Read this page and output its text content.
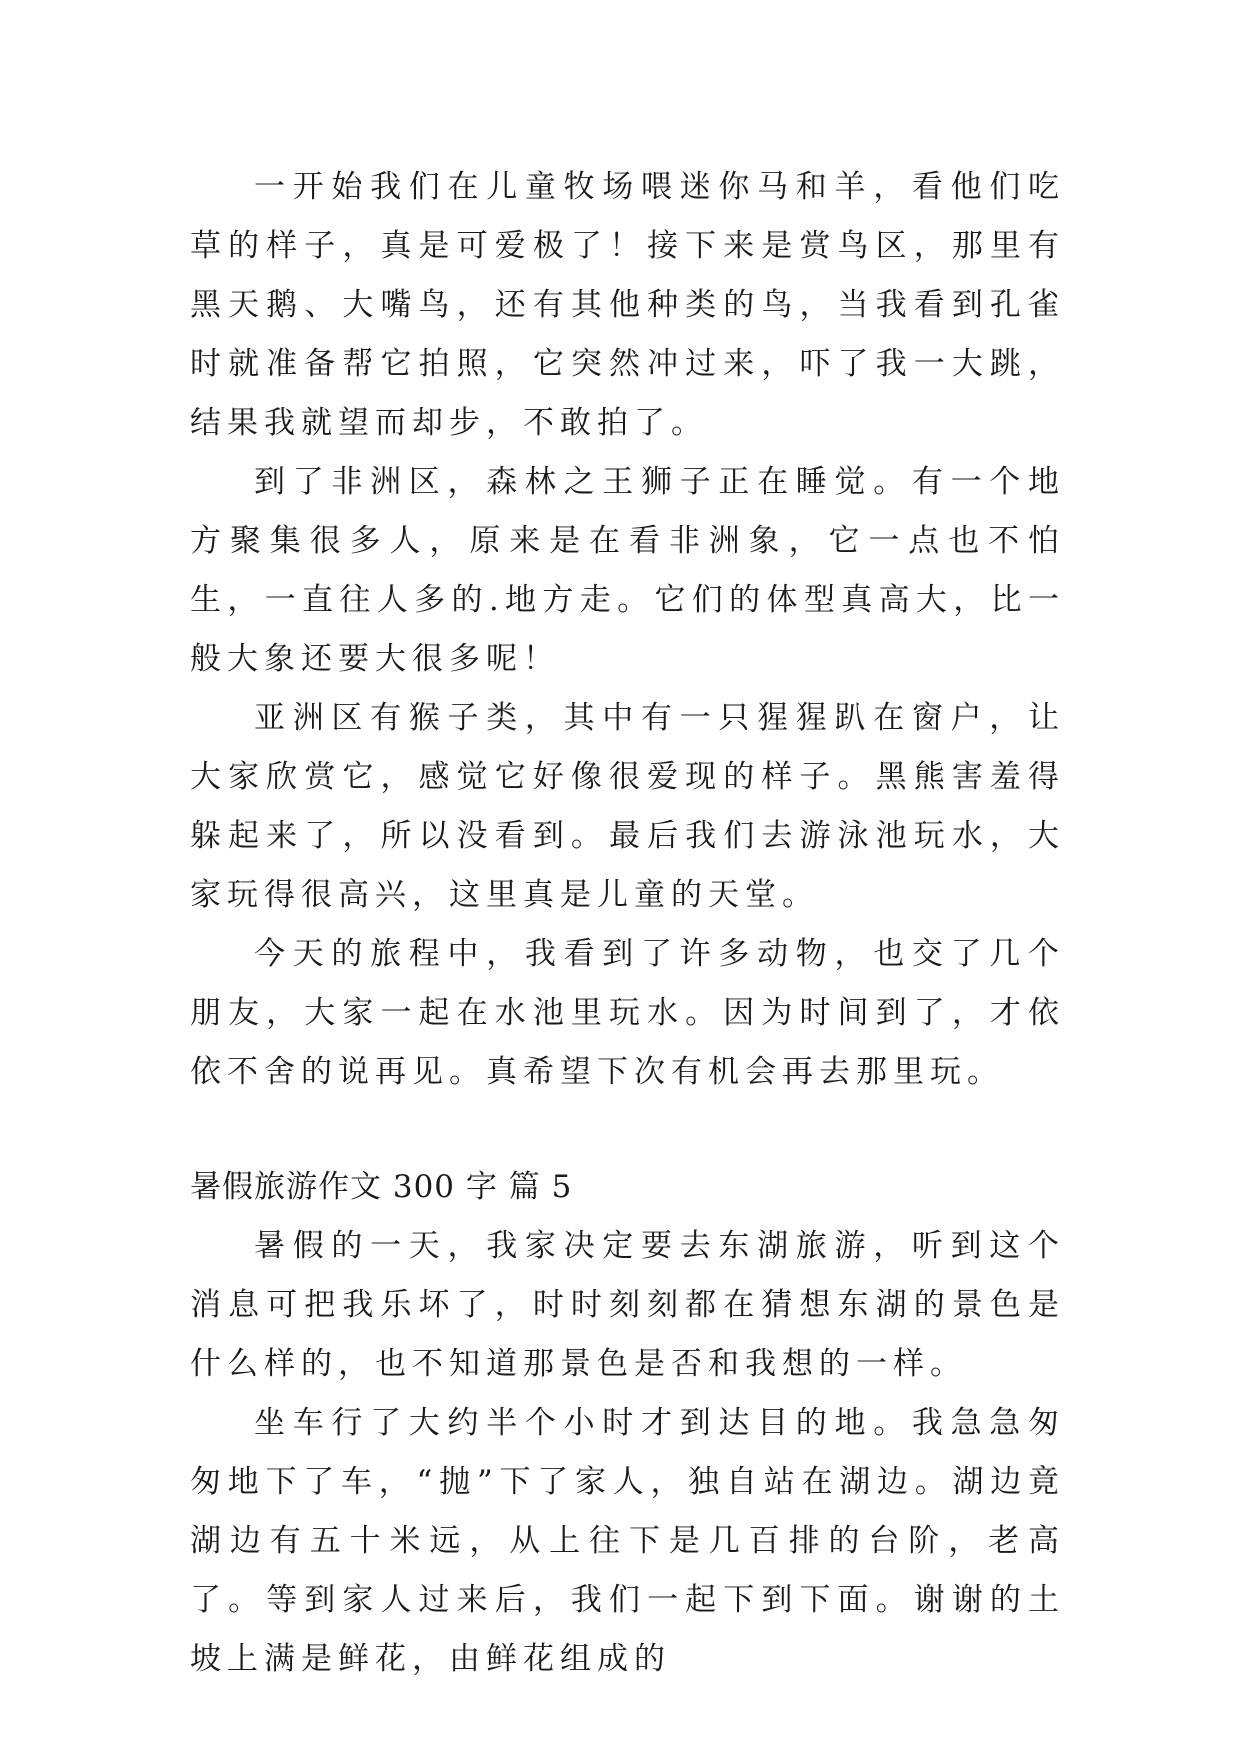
一开始我们在儿童牧场喂迷你马和羊，看他们吃草的样子，真是可爱极了！接下来是赏鸟区，那里有黑天鹅、大嘴鸟，还有其他种类的鸟，当我看到孔雀时就准备帮它拍照，它突然冲过来，吓了我一大跳，结果我就望而却步，不敢拍了。

到了非洲区，森林之王狮子正在睡觉。有一个地方聚集很多人，原来是在看非洲象，它一点也不怕生，一直往人多的.地方走。它们的体型真高大，比一般大象还要大很多呢！

亚洲区有猴子类，其中有一只猩猩趴在窗户，让大家欣赏它，感觉它好像很爱现的样子。黑熊害羞得躲起来了，所以没看到。最后我们去游泳池玩水，大家玩得很高兴，这里真是儿童的天堂。

今天的旅程中，我看到了许多动物，也交了几个朋友，大家一起在水池里玩水。因为时间到了，才依依不舍的说再见。真希望下次有机会再去那里玩。

暑假旅游作文 300 字 篇 5

暑假的一天，我家决定要去东湖旅游，听到这个消息可把我乐坏了，时时刻刻都在猜想东湖的景色是什么样的，也不知道那景色是否和我想的一样。

坐车行了大约半个小时才到达目的地。我急急匆匆地下了车，“抛”下了家人，独自站在湖边。湖边竟湖边有五十米远，从上往下是几百排的台阶，老高了。等到家人过来后，我们一起下到下面。谢谢的土坡上满是鲜花，由鲜花组成的
